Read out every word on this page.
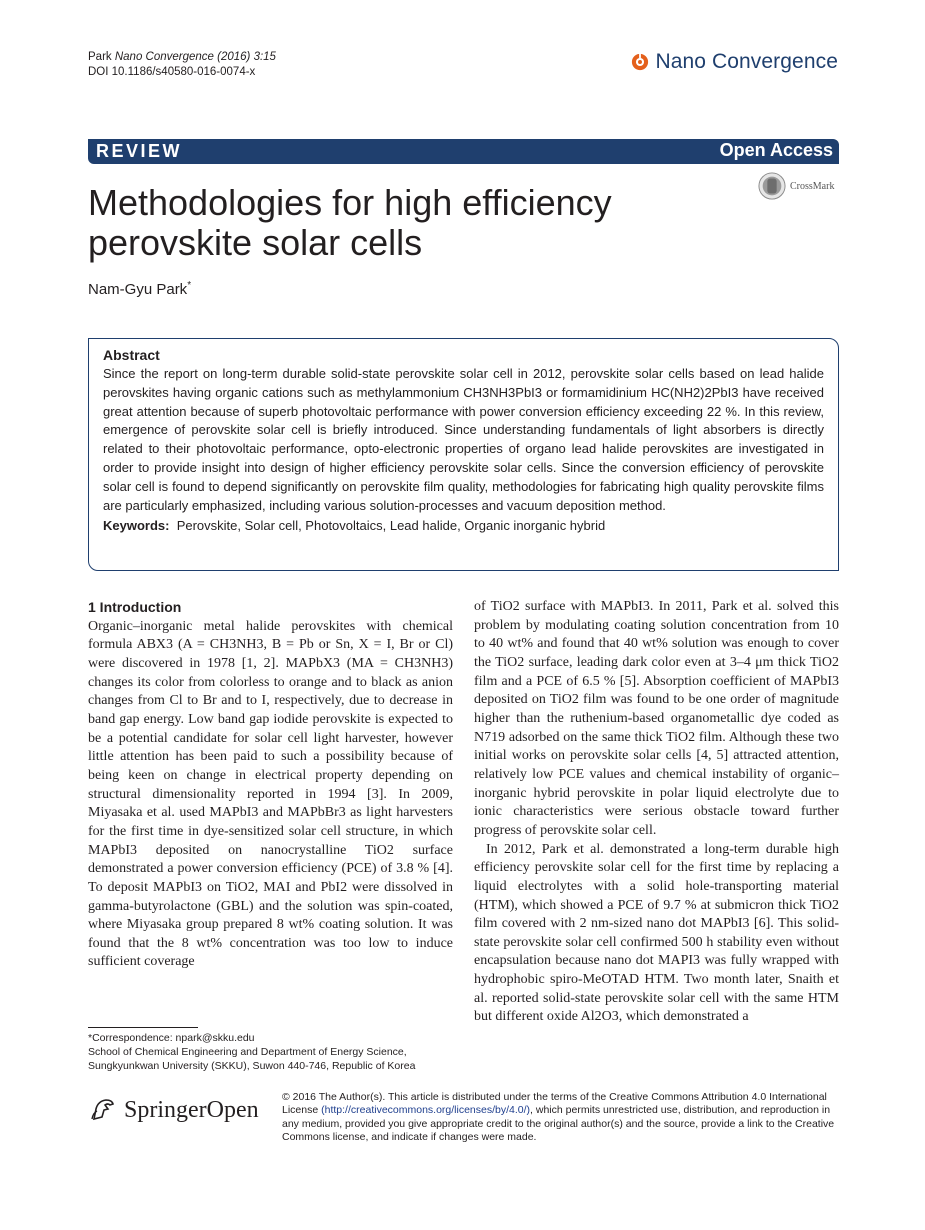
Park Nano Convergence (2016) 3:15
DOI 10.1186/s40580-016-0074-x	Nano Convergence
REVIEW	Open Access
Methodologies for high efficiency perovskite solar cells
CrossMark
Nam-Gyu Park*
Abstract
Since the report on long-term durable solid-state perovskite solar cell in 2012, perovskite solar cells based on lead halide perovskites having organic cations such as methylammonium CH3NH3PbI3 or formamidinium HC(NH2)2PbI3 have received great attention because of superb photovoltaic performance with power conversion efficiency exceeding 22 %. In this review, emergence of perovskite solar cell is briefly introduced. Since understanding fundamentals of light absorbers is directly related to their photovoltaic performance, opto-electronic properties of organo lead halide perovskites are investigated in order to provide insight into design of higher efficiency perovskite solar cells. Since the conversion efficiency of perovskite solar cell is found to depend significantly on perovskite film quality, methodologies for fabricating high quality perovskite films are particularly emphasized, including various solution-processes and vacuum deposition method.
Keywords: Perovskite, Solar cell, Photovoltaics, Lead halide, Organic inorganic hybrid
1 Introduction

Organic–inorganic metal halide perovskites with chemical formula ABX3 (A = CH3NH3, B = Pb or Sn, X = I, Br or Cl) were discovered in 1978 [1, 2]. MAPbX3 (MA = CH3NH3) changes its color from colorless to orange and to black as anion changes from Cl to Br and to I, respectively, due to decrease in band gap energy. Low band gap iodide perovskite is expected to be a potential candidate for solar cell light harvester, however little attention has been paid to such a possibility because of being keen on change in electrical property depending on structural dimensionality reported in 1994 [3]. In 2009, Miyasaka et al. used MAPbI3 and MAPbBr3 as light harvesters for the first time in dye-sensitized solar cell structure, in which MAPbI3 deposited on nanocrystalline TiO2 surface demonstrated a power conversion efficiency (PCE) of 3.8 % [4]. To deposit MAPbI3 on TiO2, MAI and PbI2 were dissolved in gamma-butyrolactone (GBL) and the solution was spin-coated, where Miyasaka group prepared 8 wt% coating solution. It was found that the 8 wt% concentration was too low to induce sufficient coverage

of TiO2 surface with MAPbI3. In 2011, Park et al. solved this problem by modulating coating solution concentration from 10 to 40 wt% and found that 40 wt% solution was enough to cover the TiO2 surface, leading dark color even at 3–4 μm thick TiO2 film and a PCE of 6.5 % [5]. Absorption coefficient of MAPbI3 deposited on TiO2 film was found to be one order of magnitude higher than the ruthenium-based organometallic dye coded as N719 adsorbed on the same thick TiO2 film. Although these two initial works on perovskite solar cells [4, 5] attracted attention, relatively low PCE values and chemical instability of organic–inorganic hybrid perovskite in polar liquid electrolyte due to ionic characteristics were serious obstacle toward further progress of perovskite solar cell.

In 2012, Park et al. demonstrated a long-term durable high efficiency perovskite solar cell for the first time by replacing a liquid electrolytes with a solid hole-transporting material (HTM), which showed a PCE of 9.7 % at submicron thick TiO2 film covered with 2 nm-sized nano dot MAPbI3 [6]. This solid-state perovskite solar cell confirmed 500 h stability even without encapsulation because nano dot MAPI3 was fully wrapped with hydrophobic spiro-MeOTAD HTM. Two month later, Snaith et al. reported solid-state perovskite solar cell with the same HTM but different oxide Al2O3, which demonstrated a

*Correspondence: npark@skku.edu
School of Chemical Engineering and Department of Energy Science,
Sungkyunkwan University (SKKU), Suwon 440-746, Republic of Korea
SpringerOpen © 2016 The Author(s). This article is distributed under the terms of the Creative Commons Attribution 4.0 International License (http://creativecommons.org/licenses/by/4.0/), which permits unrestricted use, distribution, and reproduction in any medium, provided you give appropriate credit to the original author(s) and the source, provide a link to the Creative Commons license, and indicate if changes were made.
